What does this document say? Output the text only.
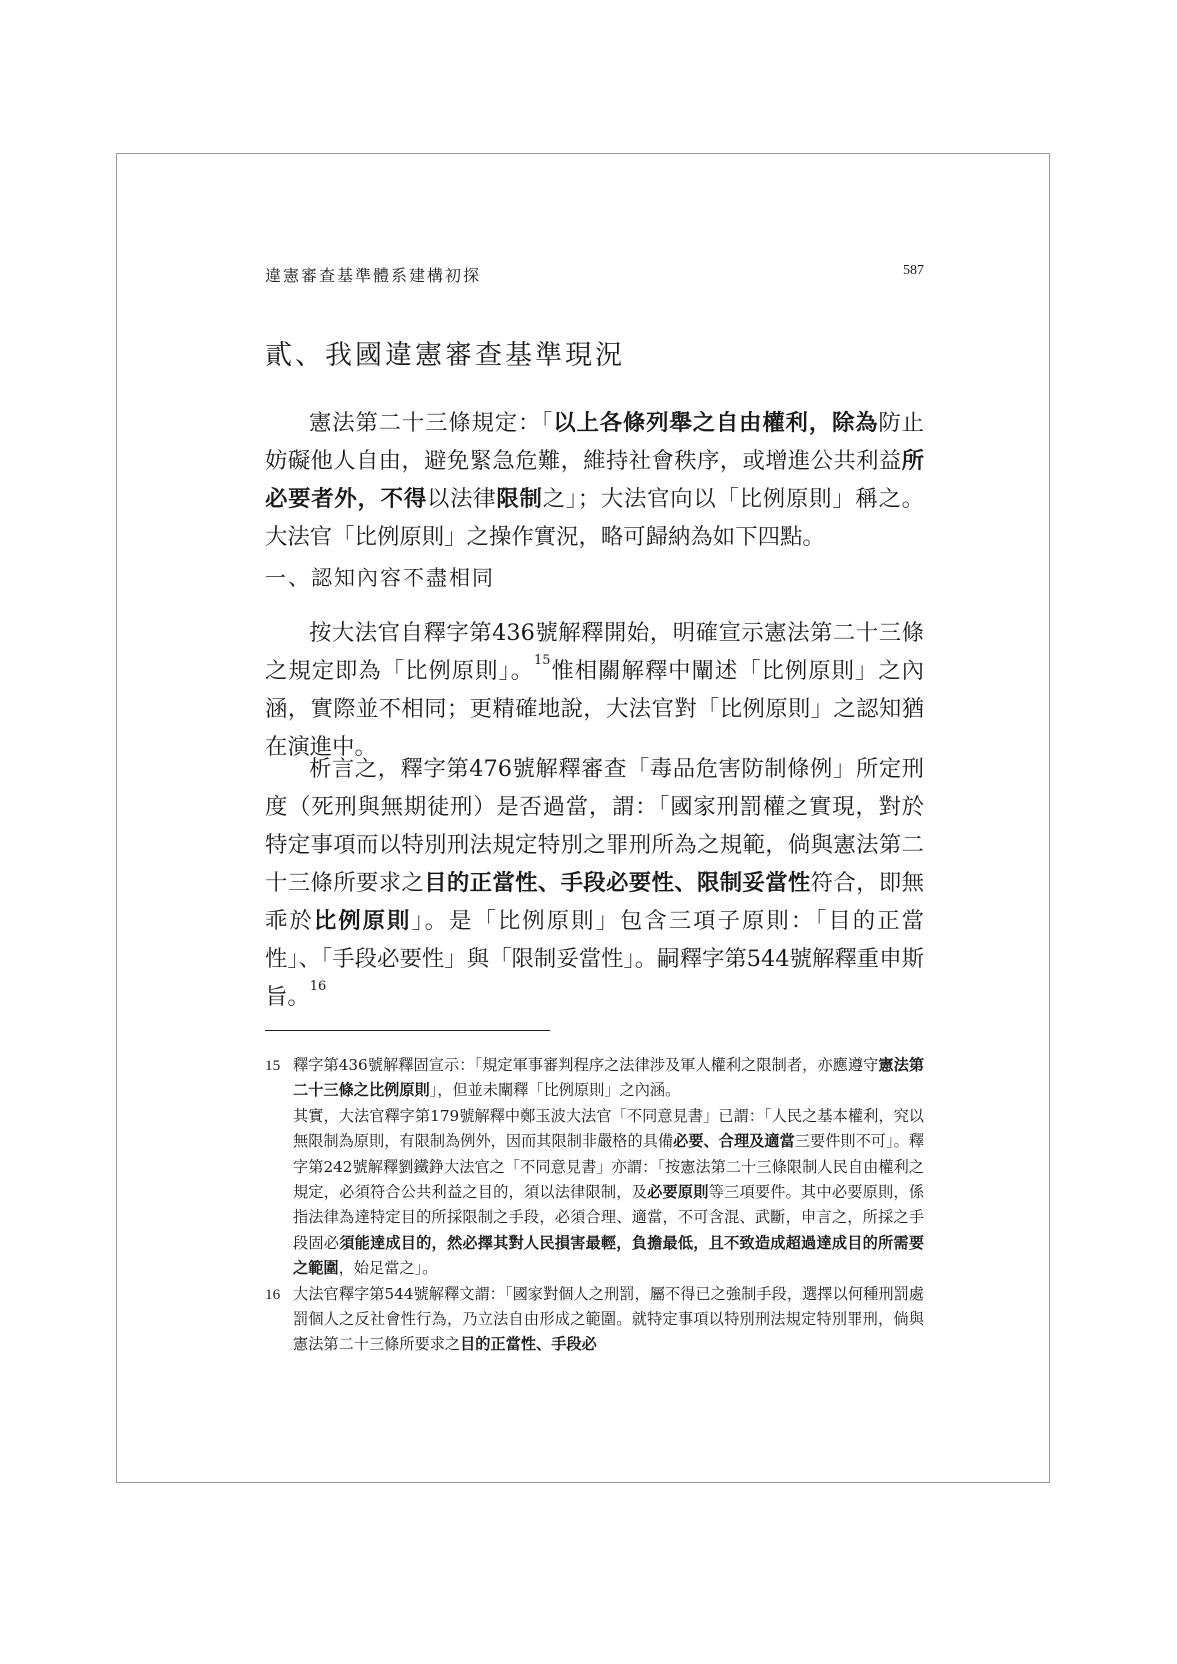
違憲審查基準體系建構初探	587
貳、我國違憲審查基準現況

憲法第二十三條規定：「以上各條列舉之自由權利，除為防止妨礙他人自由，避免緊急危難，維持社會秩序，或增進公共利益所必要者外，不得以法律限制之」；大法官向以「比例原則」稱之。大法官「比例原則」之操作實況，略可歸納為如下四點。

一、認知內容不盡相同

按大法官自釋字第436號解釋開始，明確宣示憲法第二十三條之規定即為「比例原則」。$^{15}$惟相關解釋中闡述「比例原則」之內涵，實際並不相同；更精確地說，大法官對「比例原則」之認知猶在演進中。

析言之，釋字第476號解釋審查「毒品危害防制條例」所定刑度（死刑與無期徒刑）是否過當，謂：「國家刑罰權之實現，對於特定事項而以特別刑法規定特別之罪刑所為之規範，倘與憲法第二十三條所要求之目的正當性、手段必要性、限制妥當性符合，即無乖於比例原則」。是「比例原則」包含三項子原則：「目的正當性」、「手段必要性」與「限制妥當性」。嗣釋字第544號解釋重申斯旨。$^{16}$

15 釋字第436號解釋固宣示：「規定軍事審判程序之法律涉及軍人權利之限制者，亦應遵守憲法第二十三條之比例原則」，但並未闡釋「比例原則」之內涵。

其實，大法官釋字第179號解釋中鄭玉波大法官「不同意見書」已謂：「人民之基本權利，究以無限制為原則，有限制為例外，因而其限制非嚴格的具備必要、合理及適當三要件則不可」。釋字第242號解釋劉鐵錚大法官之「不同意見書」亦謂：「按憲法第二十三條限制人民自由權利之規定，必須符合公共利益之目的，須以法律限制，及必要原則等三項要件。其中必要原則，係指法律為達特定目的所採限制之手段，必須合理、適當，不可含混、武斷，申言之，所採之手段固必須能達成目的，然必擇其對人民損害最輕，負擔最低，且不致造成超過達成目的所需要之範圍，始足當之」。

16 大法官釋字第544號解釋文謂：「國家對個人之刑罰，屬不得已之強制手段，選擇以何種刑罰處罰個人之反社會性行為，乃立法自由形成之範圍。就特定事項以特別刑法規定特別罪刑，倘與憲法第二十三條所要求之目的正當性、手段必
